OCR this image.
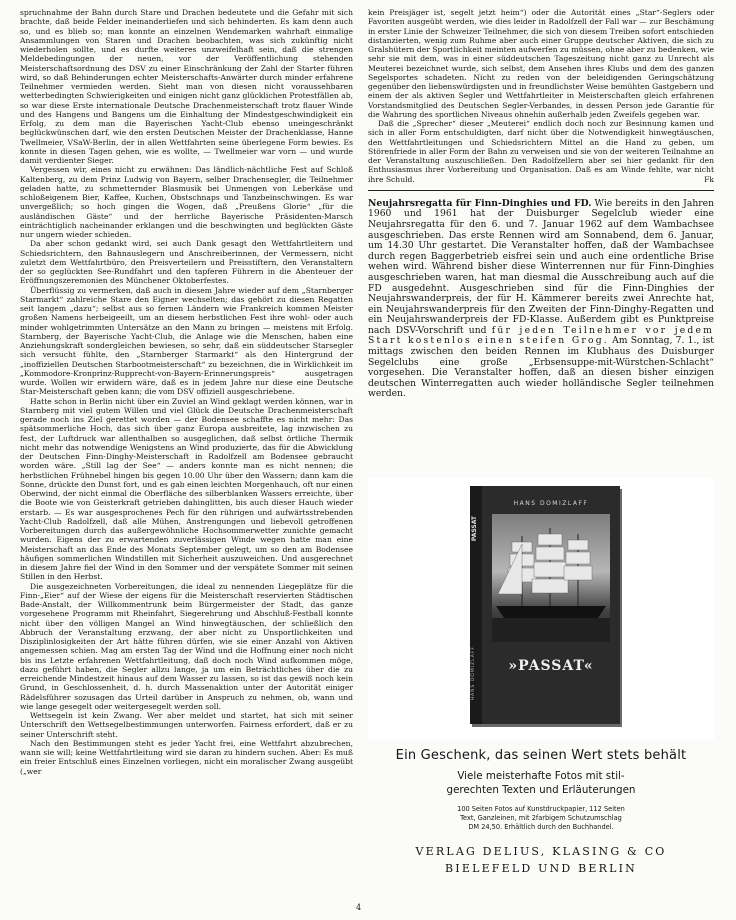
spruchnahme der Bahn durch Stare und Drachen bedeutete und die Gefahr mit sich brachte, daß beide Felder ineinanderliefen und sich behinderten. Es kam denn auch so, und es blieb so; man konnte an einzelnen Wendemarken wahrhaft einmalige Ansammlungen von Staren und Drachen beobachten, was sich zukünftig nicht wiederholen sollte, und es durfte weiteres unzweifelhaft sein, daß die strengen Meldebedingungen der neuen, vor der Veröffentlichung stehenden Meisterschaftsordnung des DSV zu einer Einschränkung der Zahl der Starter führen wird, so daß Behinderungen echter Meisterschafts-Anwärter durch minder erfahrene Teilnehmer vermieden werden. Sieht man von diesen nicht voraussehbaren wetterbedingten Schwierigkeiten und einigen nicht ganz glücklichen Protestfällen ab, so war diese Erste internationale Deutsche Drachenmeisterschaft trotz flauer Winde und des Hangens und Bangens um die Einhaltung der Mindestgeschwindigkeit ein Erfolg, zu dem man die Bayerischen Yacht-Club ebenso uneingeschränkt beglückwünschen darf, wie den ersten Deutschen Meister der Drachenklasse, Hanne Twellmeier, VSaW-Berlin, der in allen Wettfahrten seine überlegene Form bewies. Es konnte in diesen Tagen gehen, wie es wollte, — Twellmeier war vorn — und wurde damit verdienter Sieger.

Vergessen wir, eines nicht zu erwähnen: Das ländlich-nächtliche Fest auf Schloß Kaltenberg, zu dem Prinz Ludwig von Bayern, selber Drachensegler, die Teilnehmer geladen hatte, zu schmetternder Blasmusik bei Unmengen von Leberkäse und schloßeigenem Bier, Kaffee, Kuchen, Obstschnaps und Tanzbeinschwingen. Es war unvergeßlich; so hoch gingen die Wogen, daß „Preußens Glorie“ „für die ausländischen Gäste“ und der herrliche Bayerische Präsidenten-Marsch einträchtiglich nacheinander erklangen und die beschwingten und beglückten Gäste nur ungern wieder schieden.

Da aber schon gedankt wird, sei auch Dank gesagt den Wettfahrtleitern und Schiedsrichtern, den Bahnauslegern und Anschreiberinnen, der Vermessern, nicht zuletzt dem Wettfahrtbüro, den Preisverteilern und Preisstiftern, den Veranstaltern der so geglückten See-Rundfahrt und den tapferen Führern in die Abenteuer der Eröffnungszeremonien des Münchener Oktoberfestes.

Überflüssig zu vermerken, daß auch in diesem Jahre wieder auf dem „Starnberger Starmarkt“ zahlreiche Stare den Eigner wechselten; das gehört zu diesen Regatten seit langem „dazu“; selbst aus so fernen Ländern wie Frankreich kommen Meister großen Namens herbeigeeilt, um an diesem herbstlichen Fest ihre wohl- oder auch minder wohlgetrimmten Untersätze an den Mann zu bringen — meistens mit Erfolg. Starnberg, der Bayerische Yacht-Club, die Anlage wie die Menschen, haben eine Anziehungskraft sondergleichen bewiesen, so sehr, daß ein süddeutscher Starsegler sich versucht fühlte, den „Starnberger Starmarkt“ als den Hintergrund der „inoffiziellen Deutschen Starbootmeisterschaft“ zu bezeichnen, die in Wirklichkeit im „Kommodore-Kronprinz-Rupprecht-von-Bayern-Erinnerungspreis“ ausgetragen wurde. Wollen wir erwidern wäre, daß es in jedem Jahre nur diese eine Deutsche Star-Meisterschaft geben kann; die vom DSV offiziell ausgeschriebene.

Hatte schon in Berlin nicht über ein Zuviel an Wind geklagt werden können, war in Starnberg mit viel gutem Willen und viel Glück die Deutsche Drachenmeisterschaft gerade noch ins Ziel gerettet worden — der Bodensee schaffte es nicht mehr: Das spätsommerliche Hoch, das sich über ganz Europa ausbreitete, lag inzwischen zu fest, der Luftdruck war allenthalben so ausgeglichen, daß selbst örtliche Thermik nicht mehr das notwendige Wenigstens an Wind produzierte, das für die Abwicklung der Deutschen Finn-Dinghy-Meisterschaft in Radolfzell am Bodensee gebraucht worden wäre. „Still lag der See“ — anders konnte man es nicht nennen; die herbstlichen Frühnebel hingen bis gegen 10.00 Uhr über den Wassern; dann kam die Sonne, drückte den Dunst fort, und es gab einen leichten Morgenhauch, oft nur einen Oberwind, der nicht einmal die Oberfläche des silberblanken Wassers erreichte, über die Boote wie von Geisterkraft getrieben dahinglitten, bis auch dieser Hauch wieder erstarb. — Es war ausgesprochenes Pech für den rührigen und aufwärtsstrebenden Yacht-Club Radolfzell, daß alle Mühen, Anstrengungen und liebevoll getroffenen Vorbereitungen durch das außergewöhnliche Hochsommerwetter zunichte gemacht wurden. Eigens der zu erwartenden zuverlässigen Winde wegen hatte man eine Meisterschaft an das Ende des Monats September gelegt, um so den am Bodensee häufigen sommerlichen Windstillen mit Sicherheit auszuweichen. Und ausgerechnet in diesem Jahre fiel der Wind in den Sommer und der verspätete Sommer mit seinen Stillen in den Herbst.

Die ausgezeichneten Vorbereitungen, die ideal zu nennenden Liegeplätze für die Finn-„Eier“ auf der Wiese der eigens für die Meisterschaft reservierten Städtischen Bade-Anstalt, der Willkommentrunk beim Bürgermeister der Stadt, das ganze vorgesehene Programm mit Rheinfahrt, Siegerehrung und Abschluß-Festball konnte nicht über den völligen Mangel an Wind hinwegtäuschen, der schließlich den Abbruch der Veranstaltung erzwang, der aber nicht zu Unsportlichkeiten und Disziplinlosigkeiten der Art hätte führen dürfen, wie sie einer Anzahl von Aktiven angemessen schien. Mag am ersten Tag der Wind und die Hoffnung einer noch nicht bis ins Letzte erfahrenen Wettfahrtleitung, daß doch noch Wind aufkommen möge, dazu geführt haben, die Segler allzu lange, ja um ein Beträchtliches über die zu erreichende Mindestzeit hinaus auf dem Wasser zu lassen, so ist das gewiß noch kein Grund, in Geschlossenheit, d. h. durch Massenaktion unter der Autorität einiger Rädelsführer sozusagen das Urteil darüber in Anspruch zu nehmen, ob, wann und wie lange gesegelt oder weitergesegelt werden soll.

Wettsegeln ist kein Zwang. Wer aber meldet und startet, hat sich mit seiner Unterschrift den Wettsegelbestimmungen unterworfen. Fairness erfordert, daß er zu seiner Unterschrift steht.

Nach den Bestimmungen steht es jeder Yacht frei, eine Wettfahrt abzubrechen, wann sie will; keine Wettfahrtleitung wird sie daran zu hindern suchen. Aber: Es muß ein freier Entschluß eines Einzelnen vorliegen, nicht ein moralischer Zwang ausgeübt („wer

kein Preisjäger ist, segelt jetzt heim“) oder die Autorität eines „Star“-Seglers oder Favoriten ausgeübt werden, wie dies leider in Radolfzell der Fall war — zur Beschämung in erster Linie der Schweizer Teilnehmer, die sich von diesem Treiben sofort entschieden distanzierten, wenig zum Ruhme aber auch einer Gruppe deutscher Aktiven, die sich zu Gralshütern der Sportlichkeit meinten aufwerfen zu müssen, ohne aber zu bedenken, wie sehr sie mit dem, was in einer süddeutschen Tageszeitung nicht ganz zu Unrecht als Meuterei bezeichnet wurde, sich selbst, dem Ansehen ihres Klubs und dem des ganzen Segelsportes schadeten. Nicht zu reden von der beleidigenden Geringschätzung gegenüber den liebenswürdigsten und in freundlichster Weise bemühten Gastgebern und einem der als aktiven Segler und Wettfahrtleiter in Meisterschaften gleich erfahrenen Vorstandsmitglied des Deutschen Segler-Verbandes, in dessen Person jede Garantie für die Wahrung des sportlichen Niveaus ohnehin außerhalb jeden Zweifels gegeben war.

Daß die „Sprecher“ dieser „Meuterei“ endlich doch noch zur Besinnung kamen und sich in aller Form entschuldigten, darf nicht über die Notwendigkeit hinwegtäuschen, den Wettfahrtleitungen und Schiedsrichtern Mittel an die Hand zu geben, um Störenfriede in aller Form der Bahn zu verweisen und sie von der weiteren Teilnahme an der Veranstaltung auszuschließen. Den Radolfzellern aber sei hier gedankt für den Enthusiasmus ihrer Vorbereitung und Organisation. Daß es am Winde fehlte, war nicht ihre Schuld.	Fk

Neujahrsregatta für Finn-Dinghies und FD. Wie bereits in den Jahren 1960 und 1961 hat der Duisburger Segelclub wieder eine Neujahrsregatta für den 6. und 7. Januar 1962 auf dem Wambachsee ausgeschrieben. Das erste Rennen wird am Sonnabend, dem 6. Januar, um 14.30 Uhr gestartet. Die Veranstalter hoffen, daß der Wambachsee durch regen Baggerbetrieb eisfrei sein und auch eine ordentliche Brise wehen wird. Während bisher diese Winterrennen nur für Finn-Dinghies ausgeschrieben waren, hat man diesmal die Ausschreibung auch auf die FD ausgedehnt. Ausgeschrieben sind für die Finn-Dinghies der Neujahrswanderpreis, der für H. Kämmerer bereits zwei Anrechte hat, ein Neujahrswanderpreis für den Zweiten der Finn-Dinghy-Regatten und ein Neujahrswanderpreis der FD-Klasse. Außerdem gibt es Punktpreise nach DSV-Vorschrift und für jeden Teilnehmer vor jedem Start kostenlos einen steifen Grog. Am Sonntag, 7. 1., ist mittags zwischen den beiden Rennen im Klubhaus des Duisburger Segelclubs eine große „Erbsensuppe-mit-Würstchen-Schlacht“ vorgesehen. Die Veranstalter hoffen, daß an diesen bisher einzigen deutschen Winterregatten auch wieder holländische Segler teilnehmen werden.

PASSAT
HANS DOMIZLAFF
HANS DOMIZLAFF
»PASSAT«
Ein Geschenk, das seinen Wert stets behält
Viele meisterhafte Fotos mit stil-
gerechten Texten und Erläuterungen
100 Seiten Fotos auf Kunstdruckpapier, 112 Seiten
Text, Ganzleinen, mit 2farbigem Schutzumschlag
DM 24,50. Erhältlich durch den Buchhandel.
VERLAG DELIUS, KLASING & CO
BIELEFELD UND BERLIN
4
